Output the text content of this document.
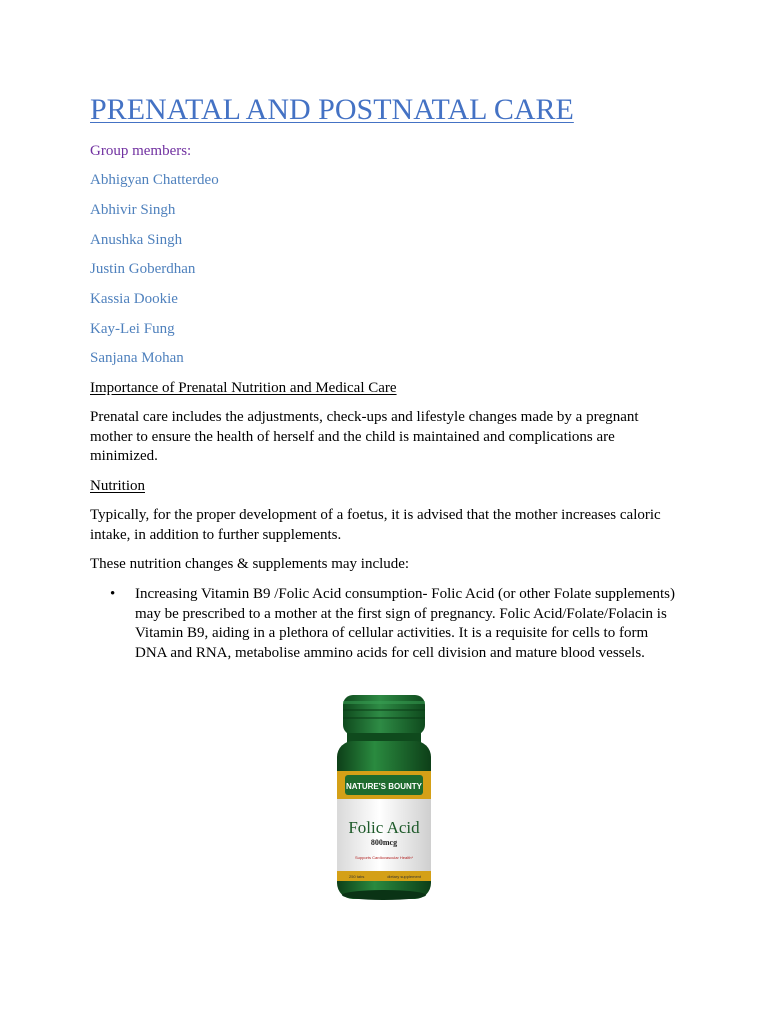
PRENATAL AND POSTNATAL CARE
Group members:
Abhigyan Chatterdeo
Abhivir Singh
Anushka Singh
Justin Goberdhan
Kassia Dookie
Kay-Lei Fung
Sanjana Mohan
Importance of Prenatal Nutrition and Medical Care

Prenatal care includes the adjustments, check-ups and lifestyle changes made by a pregnant mother to ensure the health of herself and the child is maintained and complications are minimized.

Nutrition

Typically, for the proper development of a foetus, it is advised that the mother increases caloric intake, in addition to further supplements.

These nutrition changes & supplements may include:

• Increasing Vitamin B9 /Folic Acid consumption- Folic Acid (or other Folate supplements) may be prescribed to a mother at the first sign of pregnancy. Folic Acid/Folate/Folacin is Vitamin B9, aiding in a plethora of cellular activities. It is a requisite for cells to form DNA and RNA, metabolise ammino acids for cell division and mature blood vessels.

NATURE'S BOUNTY
Folic Acid
800mcg
Supports Cardiovascular Health*
250 tabs	dietary supplement
